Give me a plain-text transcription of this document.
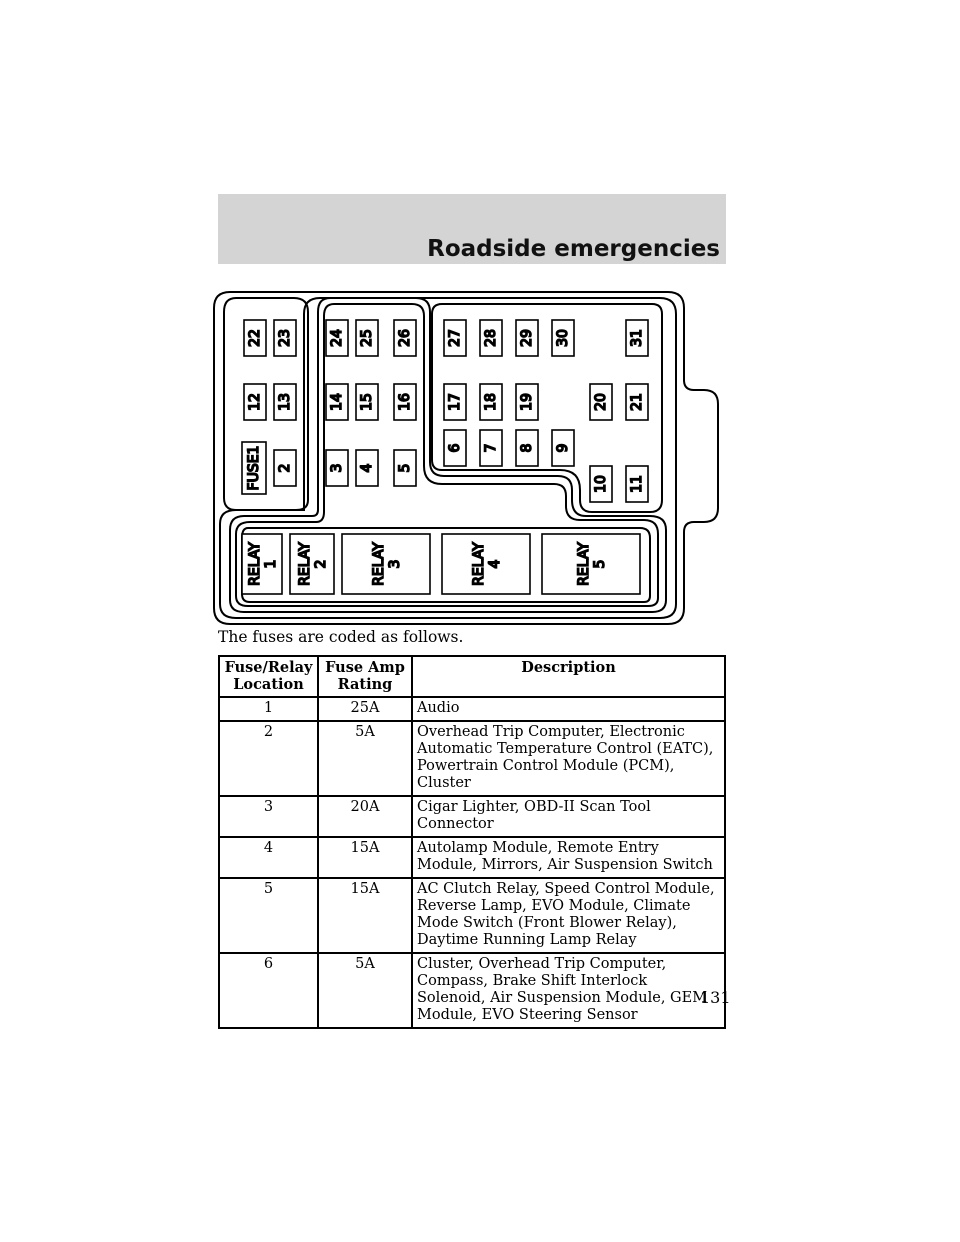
Roadside emergencies
22 23	24 25 26 27 28 29 30	31
12 13	14 15 16 17 18 19	20 21
FUSE1 2	3 4 5
6 7 8 9
10 11
RELAY1 RELAY2	RELAY3	RELAY4	RELAY5
The fuses are coded as follows.
Fuse/Relay Location	Fuse Amp Rating	Description
1	25A	Audio
2	5A	Overhead Trip Computer, Electronic Automatic Temperature Control (EATC), Powertrain Control Module (PCM), Cluster
3	20A	Cigar Lighter, OBD-II Scan Tool Connector
4	15A	Autolamp Module, Remote Entry Module, Mirrors, Air Suspension Switch
5	15A	AC Clutch Relay, Speed Control Module, Reverse Lamp, EVO Module, Climate Mode Switch (Front Blower Relay), Daytime Running Lamp Relay
6	5A	Cluster, Overhead Trip Computer, Compass, Brake Shift Interlock Solenoid, Air Suspension Module, GEM Module, EVO Steering Sensor
131
